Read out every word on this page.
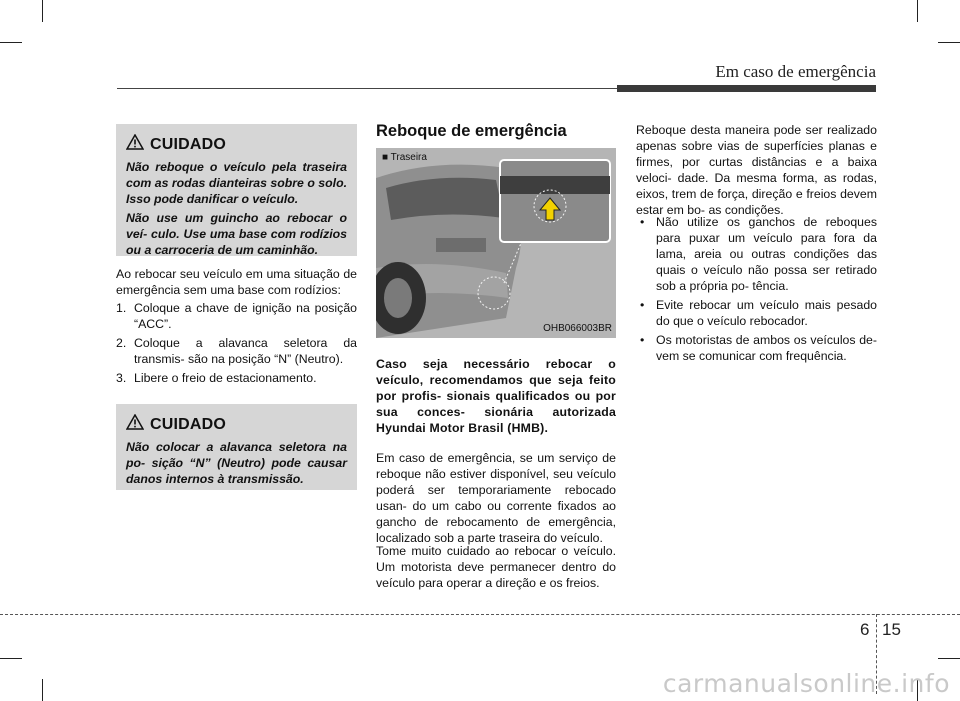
Em caso de emergência
CUIDADO

Não reboque o veículo pela traseira com as rodas dianteiras sobre o solo. Isso pode danificar o veículo.

Não use um guincho ao rebocar o veí- culo. Use uma base com rodízios ou a carroceria de um caminhão.

Ao rebocar seu veículo em uma situação de emergência sem uma base com rodízios:

1. Coloque a chave de ignição na posição “ACC”.
2. Coloque a alavanca seletora da transmis- são na posição “N” (Neutro).
3. Libere o freio de estacionamento.
CUIDADO

Não colocar a alavanca seletora na po- sição “N” (Neutro) pode causar danos internos à transmissão.

Reboque de emergência
■ Traseira
OHB066003BR

Caso seja necessário rebocar o veículo, recomendamos que seja feito por profis- sionais qualificados ou por sua conces- sionária autorizada Hyundai Motor Brasil (HMB).

Em caso de emergência, se um serviço de reboque não estiver disponível, seu veículo poderá ser temporariamente rebocado usan- do um cabo ou corrente fixados ao gancho de rebocamento de emergência, localizado sob a parte traseira do veículo.

Tome muito cuidado ao rebocar o veículo. Um motorista deve permanecer dentro do veículo para operar a direção e os freios.

Reboque desta maneira pode ser realizado apenas sobre vias de superfícies planas e firmes, por curtas distâncias e a baixa veloci- dade. Da mesma forma, as rodas, eixos, trem de força, direção e freios devem estar em bo- as condições.

• Não utilize os ganchos de reboques para puxar um veículo para fora da lama, areia ou outras condições das quais o veículo não possa ser retirado sob a própria po- tência.
• Evite rebocar um veículo mais pesado do que o veículo rebocador.
• Os motoristas de ambos os veículos de- vem se comunicar com frequência.
6 15
carmanualsonline.info
